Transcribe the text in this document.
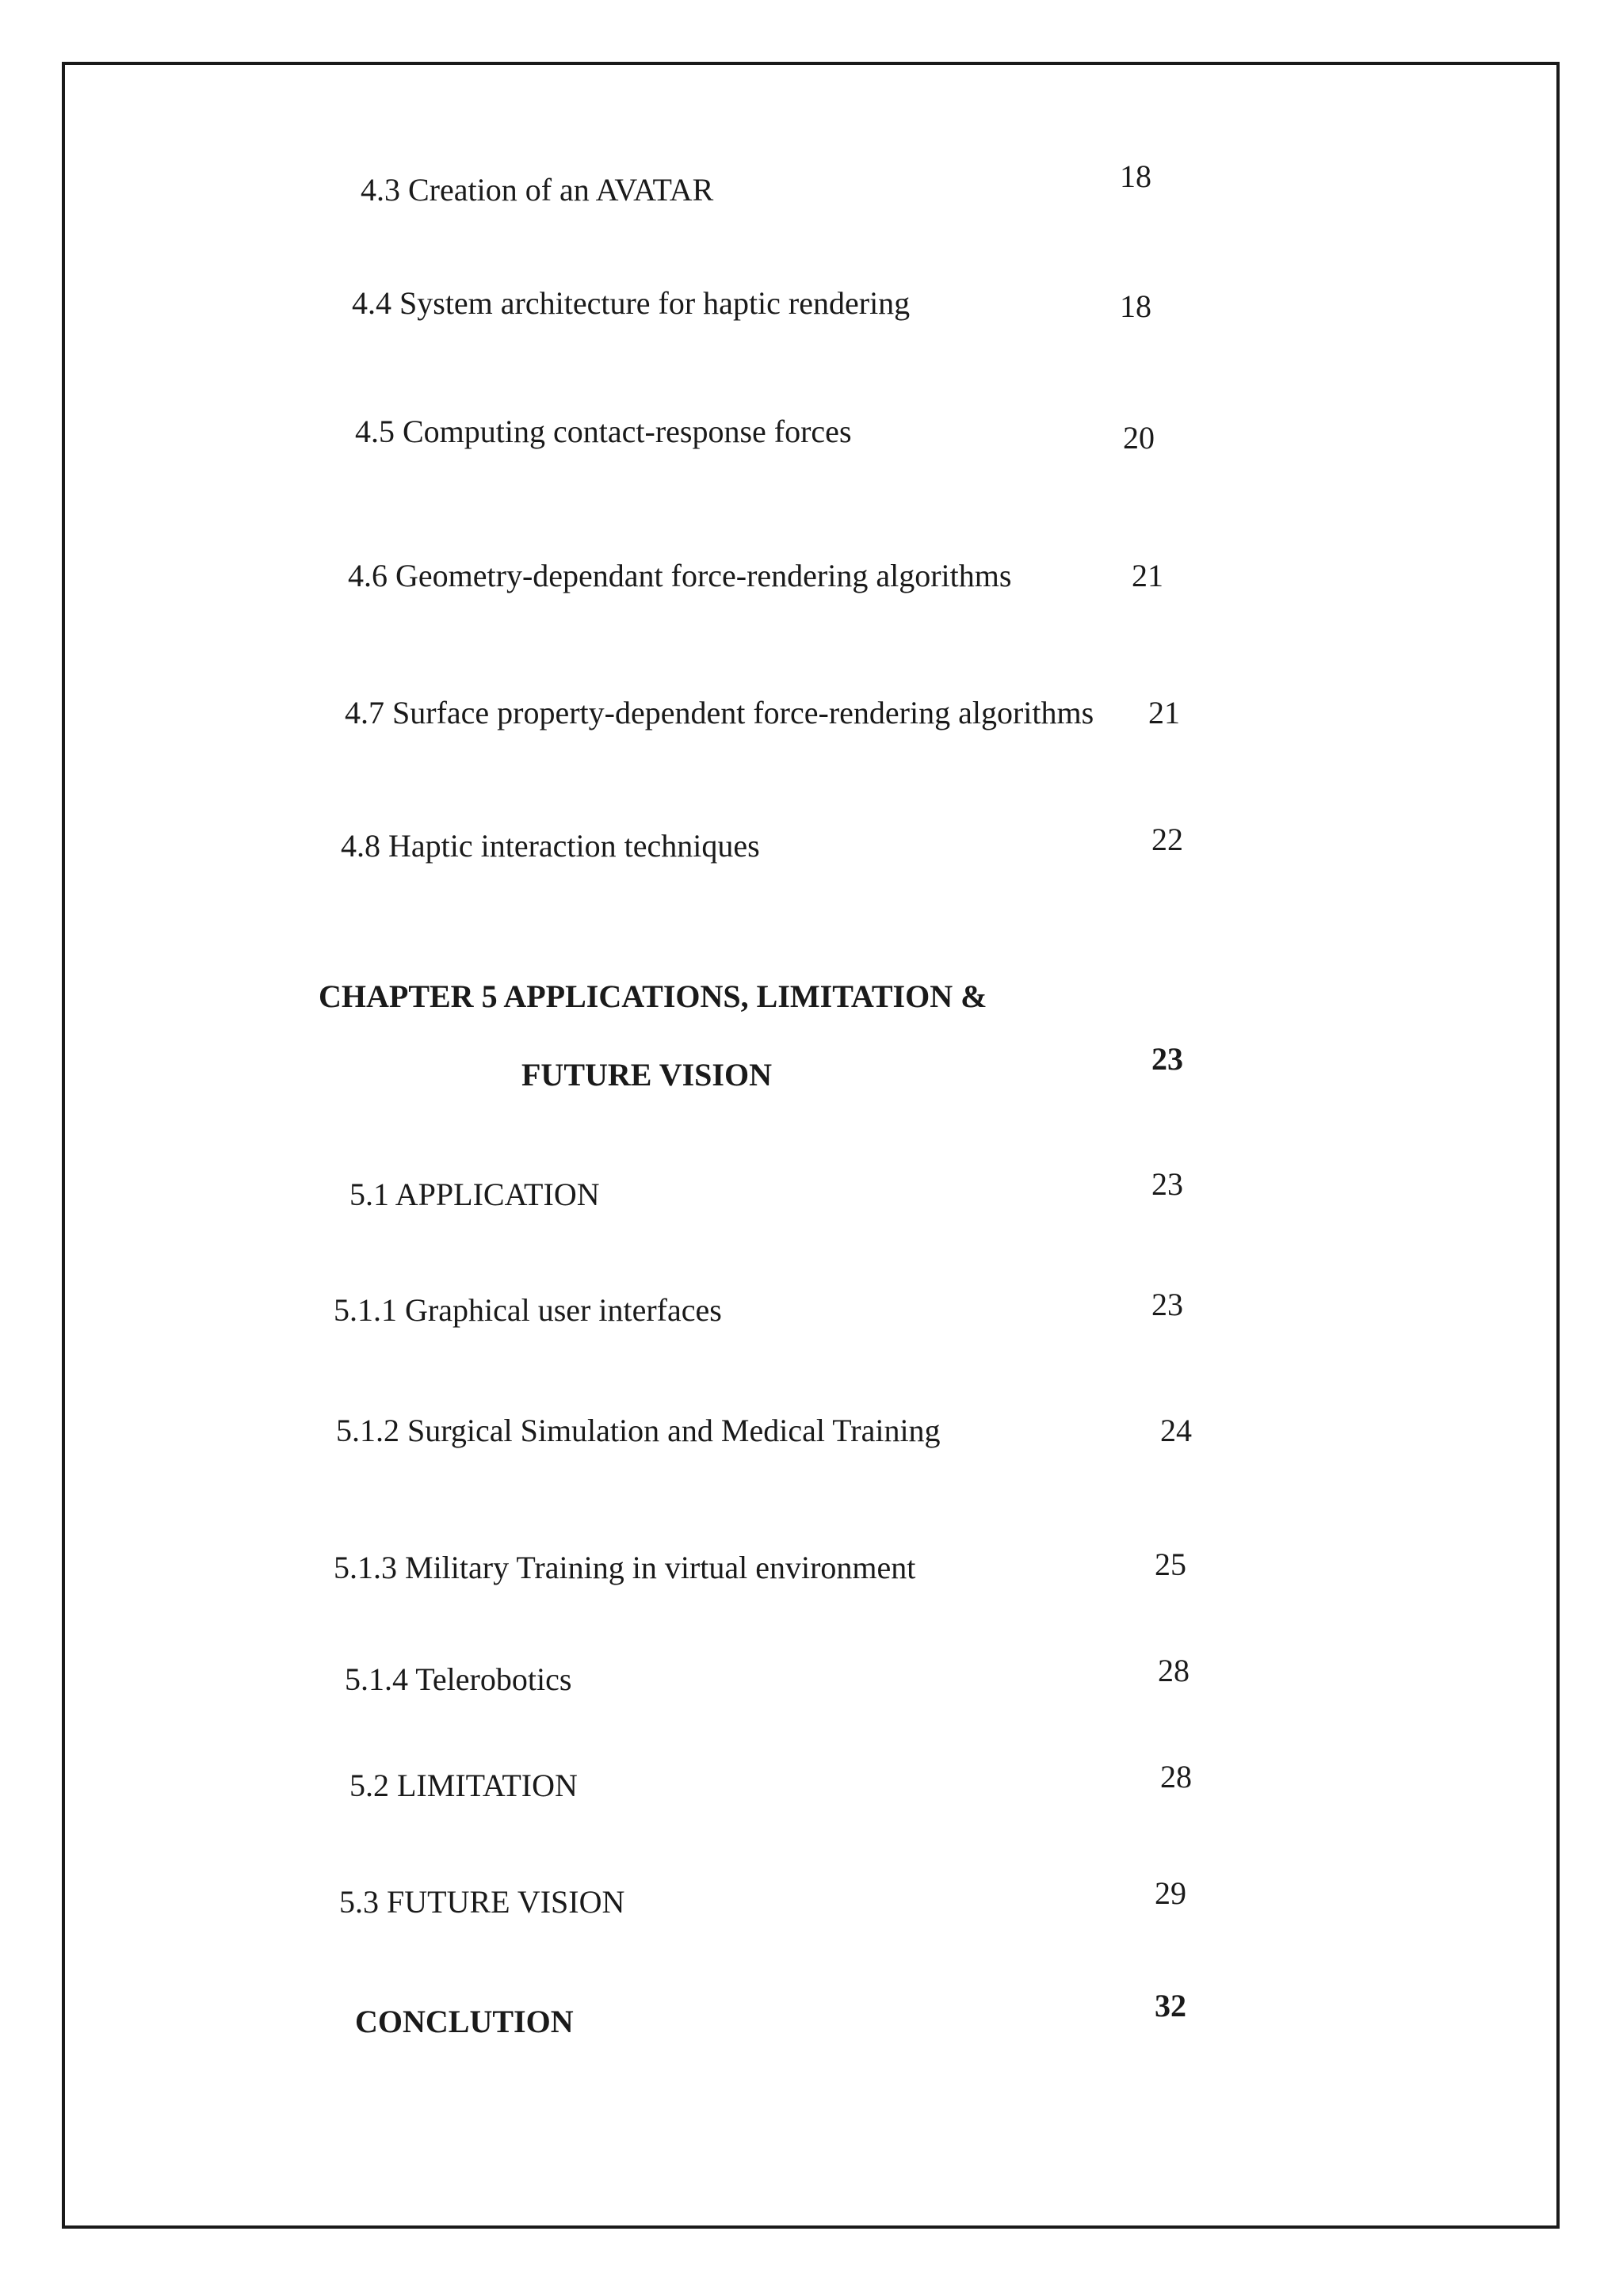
4.3 Creation of an AVATAR	18
4.4 System architecture for haptic rendering	18
4.5 Computing contact-response forces	20
4.6 Geometry-dependant force-rendering algorithms	21
4.7 Surface property-dependent force-rendering algorithms 21
4.8 Haptic interaction techniques	22
CHAPTER 5 APPLICATIONS, LIMITATION &
FUTURE VISION	23
5.1 APPLICATION	23
5.1.1 Graphical user interfaces	23
5.1.2 Surgical Simulation and Medical Training	24
5.1.3 Military Training in virtual environment	25
5.1.4 Telerobotics	28
5.2 LIMITATION	28
5.3 FUTURE VISION	29
CONCLUTION	32
